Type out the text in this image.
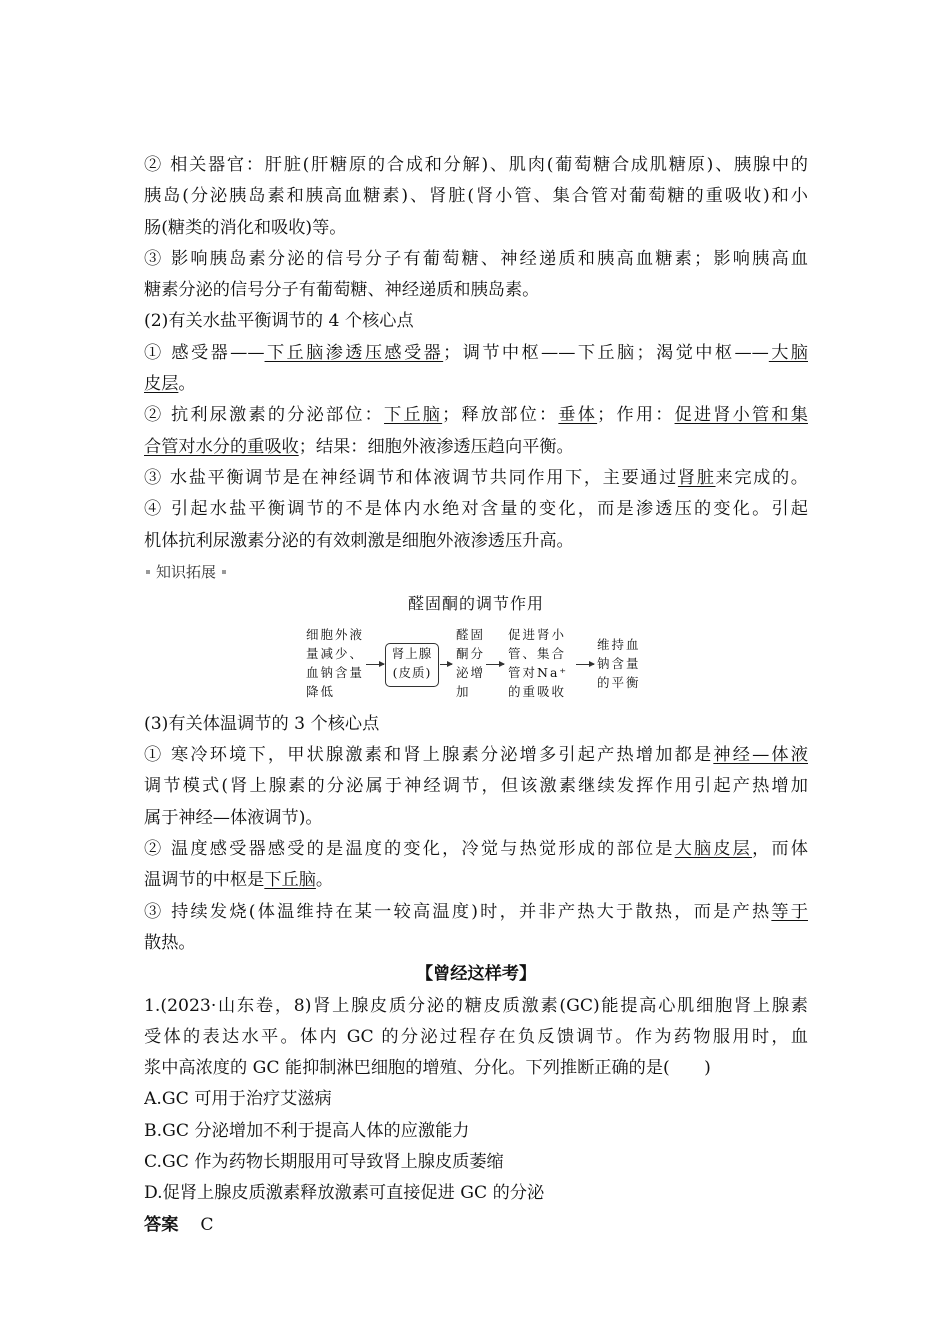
② 相关器官：肝脏(肝糖原的合成和分解)、肌肉(葡萄糖合成肌糖原)、胰腺中的
胰岛(分泌胰岛素和胰高血糖素)、肾脏(肾小管、集合管对葡萄糖的重吸收)和小
肠(糖类的消化和吸收)等。
③ 影响胰岛素分泌的信号分子有葡萄糖、神经递质和胰高血糖素；影响胰高血
糖素分泌的信号分子有葡萄糖、神经递质和胰岛素。
(2)有关水盐平衡调节的 4 个核心点
① 感受器——下丘脑渗透压感受器；调节中枢——下丘脑；渴觉中枢——大脑
皮层。
② 抗利尿激素的分泌部位：下丘脑；释放部位：垂体；作用：促进肾小管和集
合管对水分的重吸收；结果：细胞外液渗透压趋向平衡。
③ 水盐平衡调节是在神经调节和体液调节共同作用下，主要通过肾脏来完成的。
④ 引起水盐平衡调节的不是体内水绝对含量的变化，而是渗透压的变化。引起
机体抗利尿激素分泌的有效刺激是细胞外液渗透压升高。
知识拓展
醛固酮的调节作用
细胞外液
量减少、
血钠含量
降低
肾上腺
(皮质)
醛固
酮分
泌增
加
促进肾小
管、集合
管对Na⁺
的重吸收
维持血
钠含量
的平衡
(3)有关体温调节的 3 个核心点
① 寒冷环境下，甲状腺激素和肾上腺素分泌增多引起产热增加都是神经—体液
调节模式(肾上腺素的分泌属于神经调节，但该激素继续发挥作用引起产热增加
属于神经—体液调节)。
② 温度感受器感受的是温度的变化，冷觉与热觉形成的部位是大脑皮层，而体
温调节的中枢是下丘脑。
③ 持续发烧(体温维持在某一较高温度)时，并非产热大于散热，而是产热等于
散热。
【曾经这样考】
1.(2023·山东卷，8)肾上腺皮质分泌的糖皮质激素(GC)能提高心肌细胞肾上腺素
受体的表达水平。体内 GC 的分泌过程存在负反馈调节。作为药物服用时，血
浆中高浓度的 GC 能抑制淋巴细胞的增殖、分化。下列推断正确的是(　　)
A.GC 可用于治疗艾滋病
B.GC 分泌增加不利于提高人体的应激能力
C.GC 作为药物长期服用可导致肾上腺皮质萎缩
D.促肾上腺皮质激素释放激素可直接促进 GC 的分泌
答案 C
